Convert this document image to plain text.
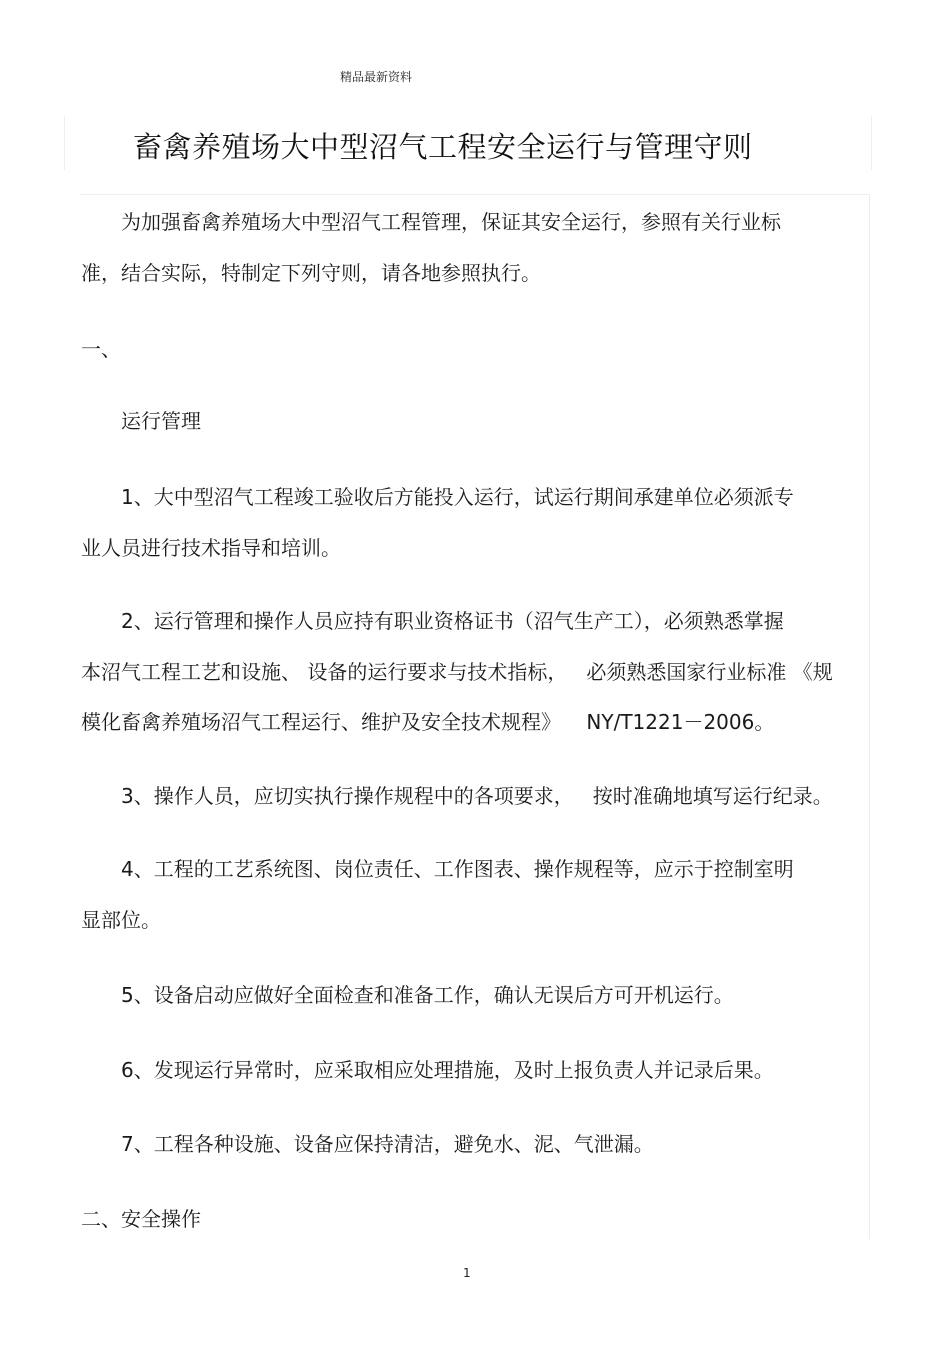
精品最新资料
畜禽养殖场大中型沼气工程安全运行与管理守则
为加强畜禽养殖场大中型沼气工程管理，保证其安全运行，参照有关行业标
准，结合实际，特制定下列守则，请各地参照执行。
一、
运行管理
1、大中型沼气工程竣工验收后方能投入运行，试运行期间承建单位必须派专
业人员进行技术指导和培训。
2、运行管理和操作人员应持有职业资格证书（沼气生产工），必须熟悉掌握
本沼气工程工艺和设施、 设备的运行要求与技术指标，   必须熟悉国家行业标准 《规
模化畜禽养殖场沼气工程运行、维护及安全技术规程》    NY/T1221－2006。
3、操作人员，应切实执行操作规程中的各项要求，   按时准确地填写运行纪录。
4、工程的工艺系统图、岗位责任、工作图表、操作规程等，应示于控制室明
显部位。
5、设备启动应做好全面检查和准备工作，确认无误后方可开机运行。
6、发现运行异常时，应采取相应处理措施，及时上报负责人并记录后果。
7、工程各种设施、设备应保持清洁，避免水、泥、气泄漏。
二、安全操作
1
